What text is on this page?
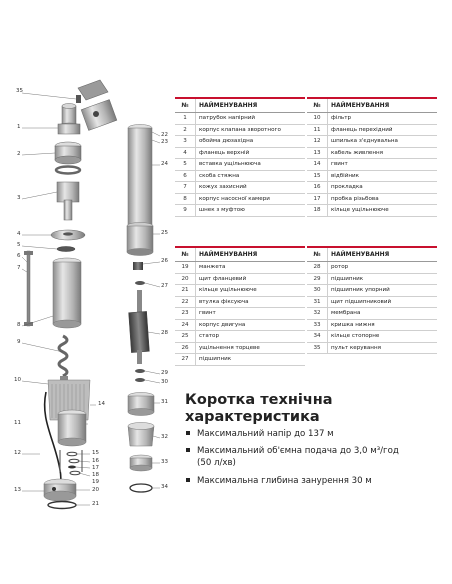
35
1
2
3
4
5
6
7
8
9
10
11
12
13
14
15
16
17
18
19
20
21
22
23
24
25
26
27
28
29
30
31
32
33
34
№	НАЙМЕНУВАННЯ
1	патрубок напірний
2	корпус клапана зворотного
3	обойма дюзахідна
4	фланець верхній
5	вставка ущільнююча
6	скоба стяжна
7	кожух захисний
8	корпус насосної камери
9	шнек з муфтою
№	НАЙМЕНУВАННЯ
10	фільтр
11	фланець перехідний
12	шпилька з'єднувальна
13	кабель живлення
14	гвинт
15	відбійник
16	прокладка
17	пробка різьбова
18	кільце ущільнююче
№	НАЙМЕНУВАННЯ
19	манжета
20	щит фланцевий
21	кільце ущільнююче
22	втулка фіксуюча
23	гвинт
24	корпус двигуна
25	статор
26	ущільнення торцеве
27	підшипник
№	НАЙМЕНУВАННЯ
28	ротор
29	підшипник
30	підшипник упорний
31	щит підшипниковий
32	мембрана
33	кришка нижня
34	кільце стопорне
35	пульт керування
Коротка технічна характеристика
Максимальний напір до 137 м
Максимальний об'ємна подача до 3,0 м³/год
(50 л/хв)
Максимальна глибина занурення 30 м
